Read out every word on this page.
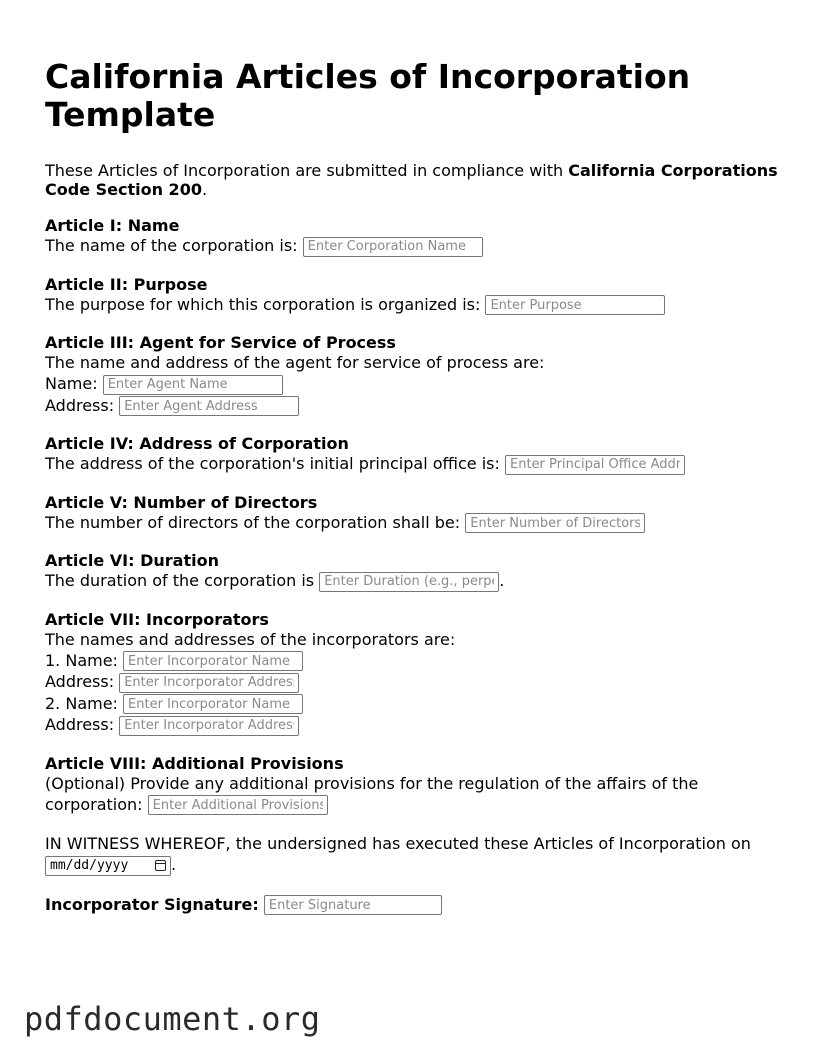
California Articles of Incorporation Template

These Articles of Incorporation are submitted in compliance with California Corporations Code Section 200.

Article I: Name
The name of the corporation is: Enter Corporation Name
Article II: Purpose
The purpose for which this corporation is organized is: Enter Purpose
Article III: Agent for Service of Process
The name and address of the agent for service of process are:
Name: Enter Agent Name
Address: Enter Agent Address
Article IV: Address of Corporation
The address of the corporation's initial principal office is: Enter Principal Office Address
Article V: Number of Directors
The number of directors of the corporation shall be: Enter Number of Directors
Article VI: Duration
The duration of the corporation is Enter Duration (e.g., perpetual)	.
Article VII: Incorporators
The names and addresses of the incorporators are:
1. Name: Enter Incorporator Name
Address: Enter Incorporator Address
2. Name: Enter Incorporator Name
Address: Enter Incorporator Address
Article VIII: Additional Provisions
(Optional) Provide any additional provisions for the regulation of the affairs of the corporation: Enter Additional Provisions
IN WITNESS WHEREOF, the undersigned has executed these Articles of Incorporation on
mm/dd/yyyy	.
Incorporator Signature: Enter Signature
pdfdocument.org
